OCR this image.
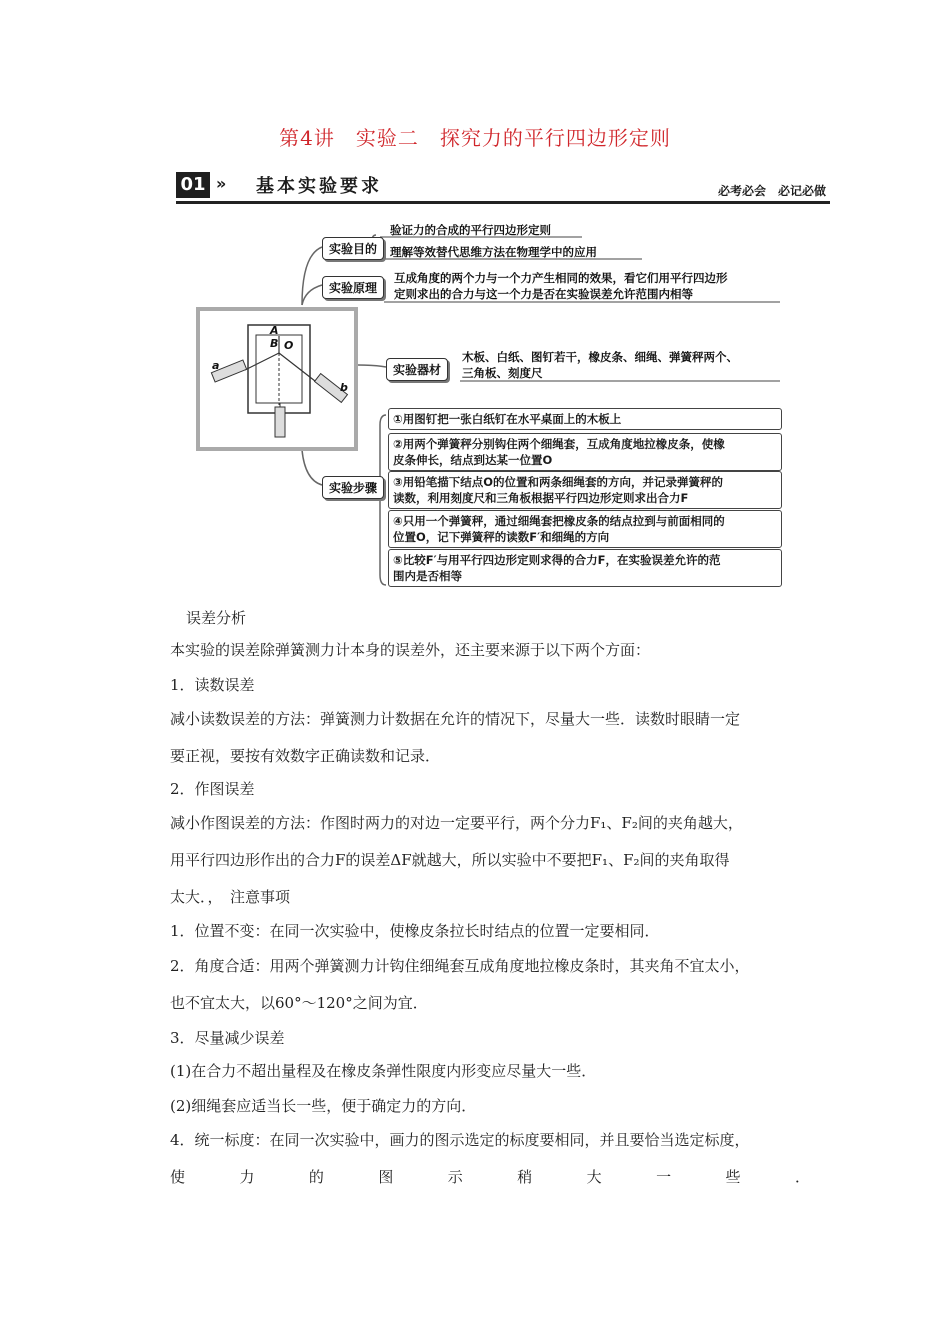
第4讲　实验二　探究力的平行四边形定则
01 » 基本实验要求	必考必会　必记必做
A
B O
a
b
实验目的
验证力的合成的平行四边形定则
理解等效替代思维方法在物理学中的应用
实验原理
互成角度的两个力与一个力产生相同的效果，看它们用平行四边形
定则求出的合力与这一个力是否在实验误差允许范围内相等
实验器材
木板、白纸、图钉若干，橡皮条、细绳、弹簧秤两个、
三角板、刻度尺
实验步骤
①用图钉把一张白纸钉在水平桌面上的木板上
②用两个弹簧秤分别钩住两个细绳套，互成角度地拉橡皮条，使橡
皮条伸长，结点到达某一位置O
③用铅笔描下结点O的位置和两条细绳套的方向，并记录弹簧秤的
读数，利用刻度尺和三角板根据平行四边形定则求出合力F
④只用一个弹簧秤，通过细绳套把橡皮条的结点拉到与前面相同的
位置O，记下弹簧秤的读数F′和细绳的方向
⑤比较F′与用平行四边形定则求得的合力F，在实验误差允许的范
围内是否相等
误差分析
本实验的误差除弹簧测力计本身的误差外，还主要来源于以下两个方面：
1．读数误差
减小读数误差的方法：弹簧测力计数据在允许的情况下，尽量大一些．读数时眼睛一定
要正视，要按有效数字正确读数和记录．
2．作图误差
减小作图误差的方法：作图时两力的对边一定要平行，两个分力F₁、F₂间的夹角越大，
用平行四边形作出的合力F的误差ΔF就越大，所以实验中不要把F₁、F₂间的夹角取得
太大．，　注意事项
1．位置不变：在同一次实验中，使橡皮条拉长时结点的位置一定要相同．
2．角度合适：用两个弹簧测力计钩住细绳套互成角度地拉橡皮条时，其夹角不宜太小，
也不宜太大，以60°～120°之间为宜．
3．尽量减少误差
(1)在合力不超出量程及在橡皮条弹性限度内形变应尽量大一些．
(2)细绳套应适当长一些，便于确定力的方向．
4．统一标度：在同一次实验中，画力的图示选定的标度要相同，并且要恰当选定标度，
使	力	的	图	示	稍	大	一	些	．
